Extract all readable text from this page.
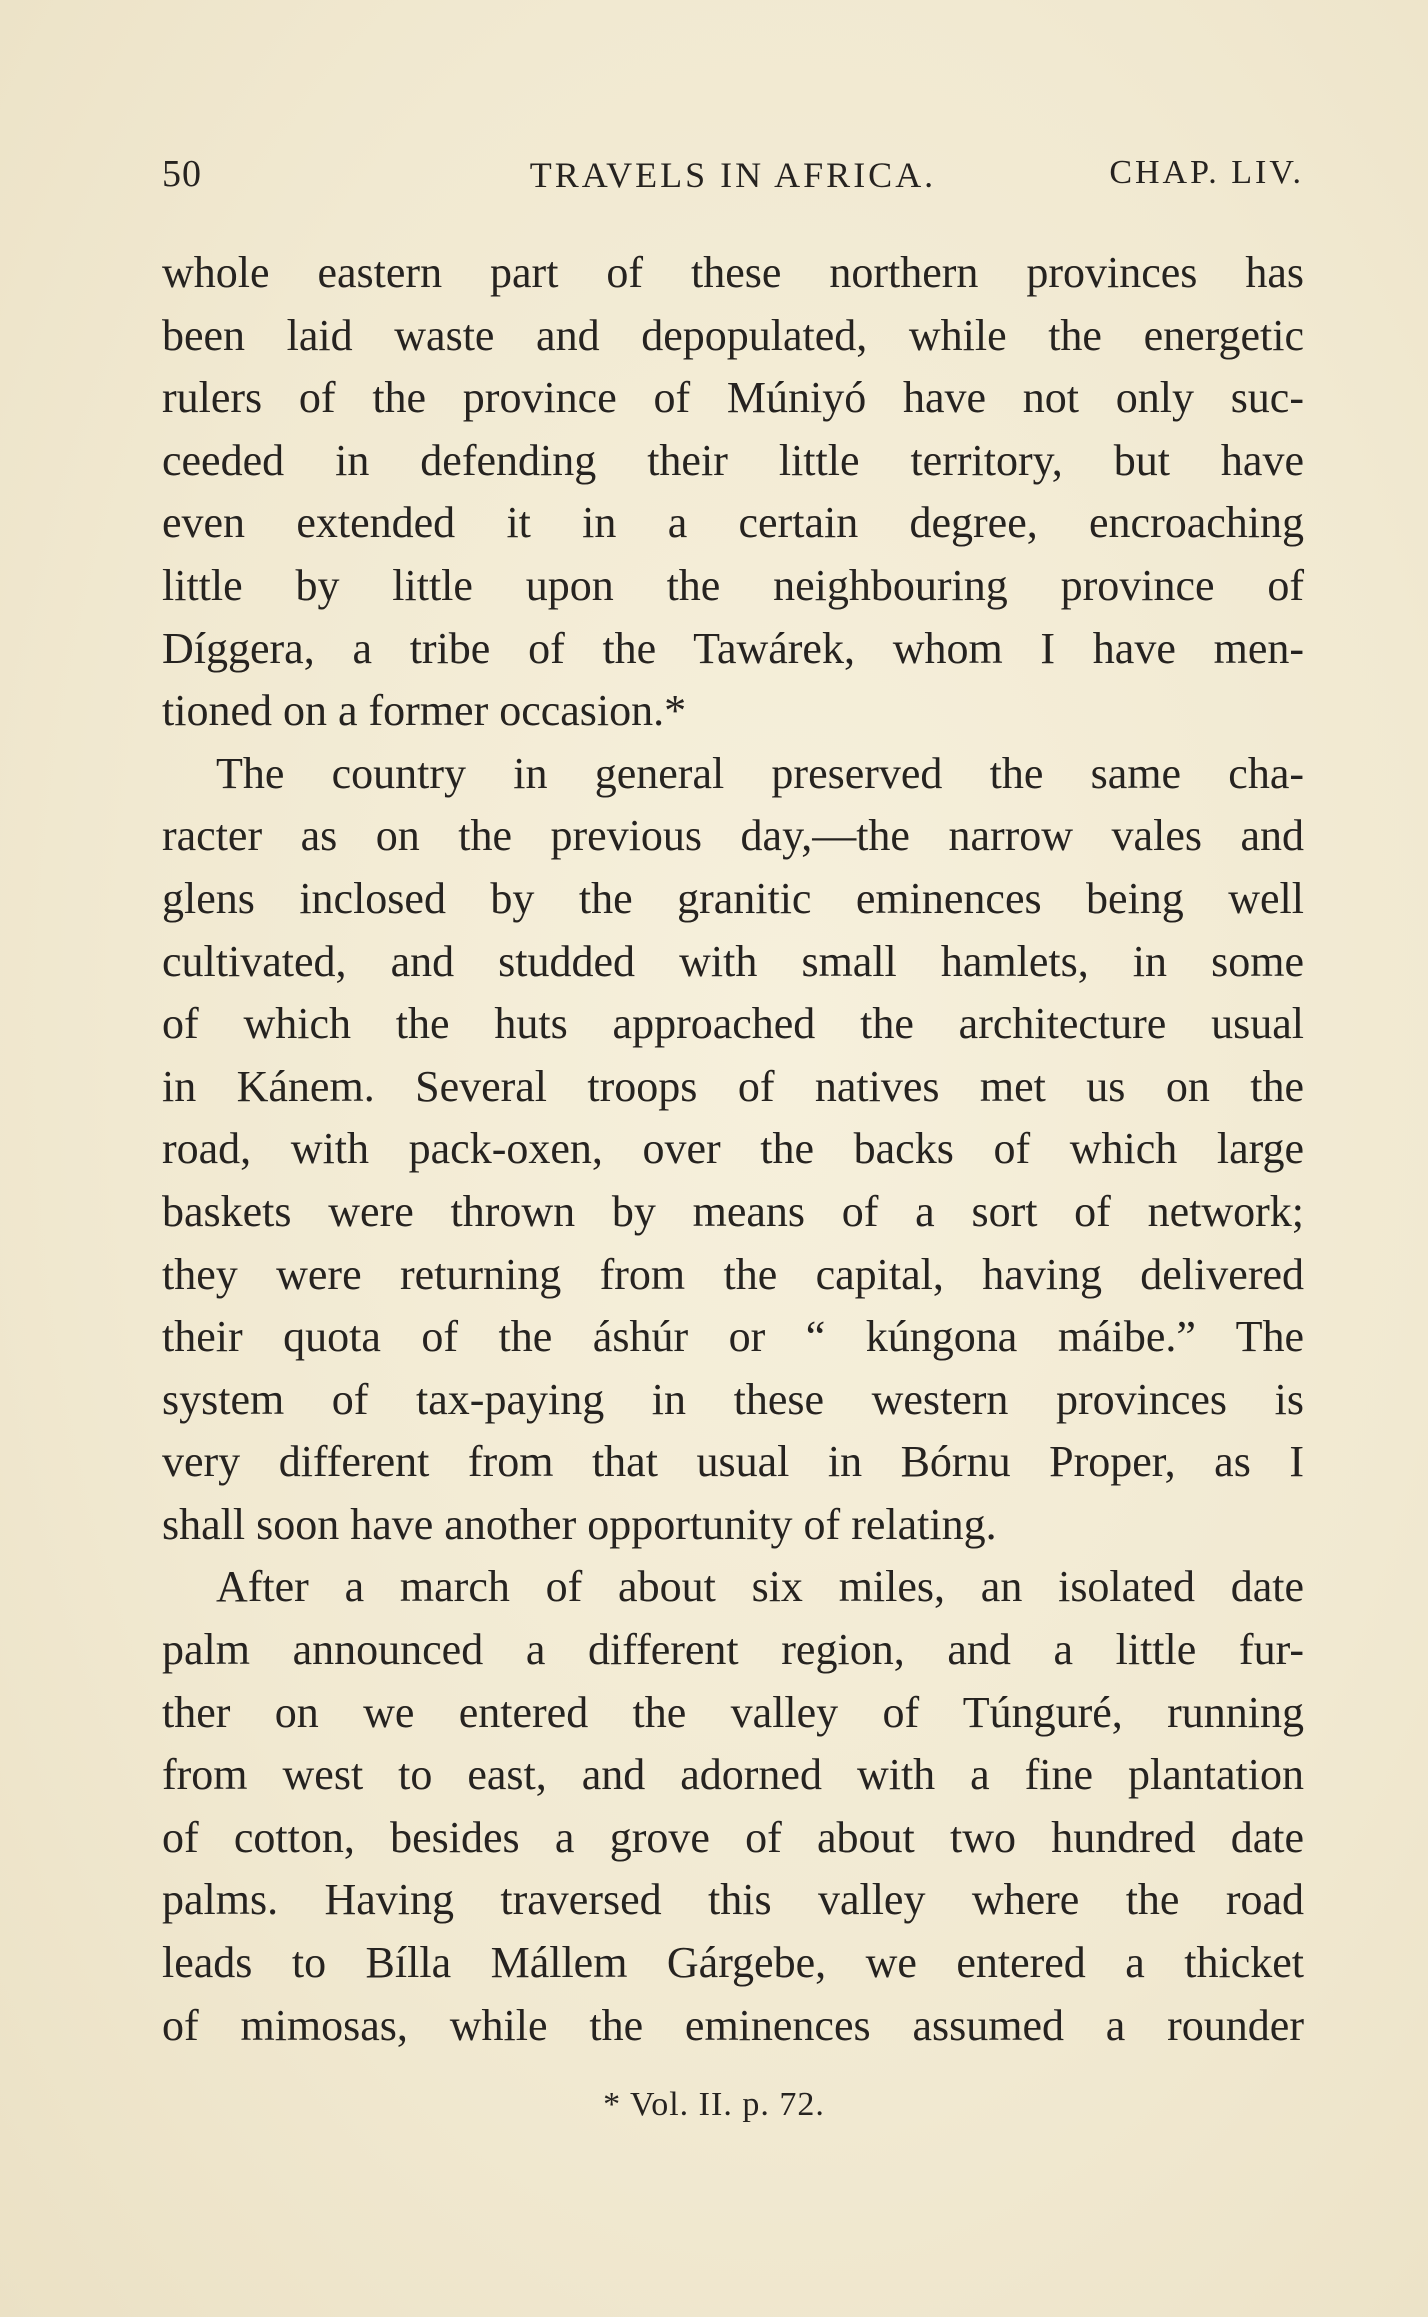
50	TRAVELS IN AFRICA.	CHAP. LIV.
whole eastern part of these northern provinces has
been laid waste and depopulated, while the energetic
rulers of the province of Múniyó have not only suc-
ceeded in defending their little territory, but have
even extended it in a certain degree, encroaching
little by little upon the neighbouring province of
Díggera, a tribe of the Tawárek, whom I have men-
tioned on a former occasion.*
The country in general preserved the same cha-
racter as on the previous day,—the narrow vales and
glens inclosed by the granitic eminences being well
cultivated, and studded with small hamlets, in some
of which the huts approached the architecture usual
in Kánem. Several troops of natives met us on the
road, with pack-oxen, over the backs of which large
baskets were thrown by means of a sort of network;
they were returning from the capital, having delivered
their quota of the áshúr or “ kúngona máibe.” The
system of tax-paying in these western provinces is
very different from that usual in Bórnu Proper, as I
shall soon have another opportunity of relating.
After a march of about six miles, an isolated date
palm announced a different region, and a little fur-
ther on we entered the valley of Túnguré, running
from west to east, and adorned with a fine plantation
of cotton, besides a grove of about two hundred date
palms. Having traversed this valley where the road
leads to Bílla Mállem Gárgebe, we entered a thicket
of mimosas, while the eminences assumed a rounder
* Vol. II. p. 72.
